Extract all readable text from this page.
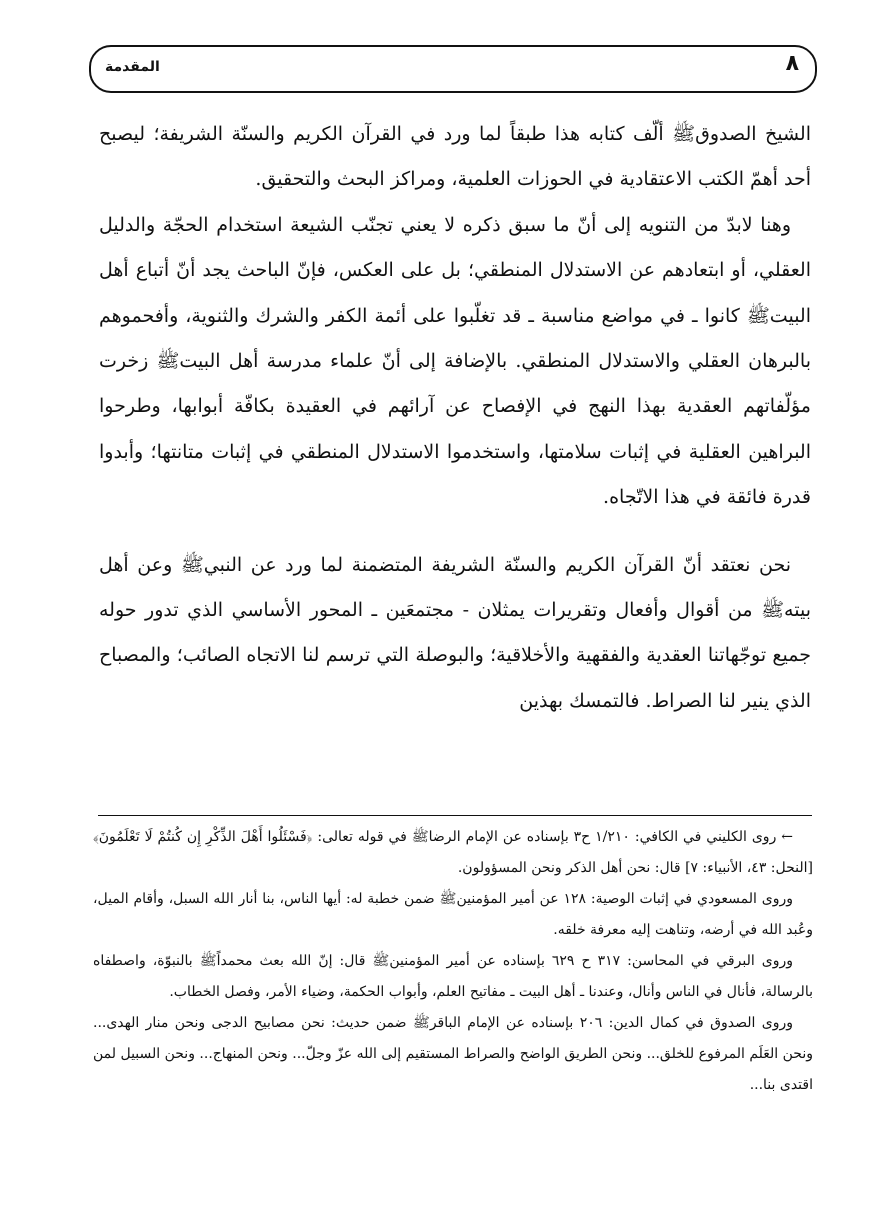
٨
المقدمة

الشيخ الصدوقﷺ ألّف كتابه هذا طبقاً لما ورد في القرآن الكريم والسنّة الشريفة؛ ليصبح أحد أهمّ الكتب الاعتقادية في الحوزات العلمية، ومراكز البحث والتحقيق.

وهنا لابدّ من التنويه إلى أنّ ما سبق ذكره لا يعني تجنّب الشيعة استخدام الحجّة والدليل العقلي، أو ابتعادهم عن الاستدلال المنطقي؛ بل على العكس، فإنّ الباحث يجد أنّ أتباع أهل البيتﷺ كانوا ـ في مواضع مناسبة ـ قد تغلّبوا على أئمة الكفر والشرك والثنوية، وأفحموهم بالبرهان العقلي والاستدلال المنطقي. بالإضافة إلى أنّ علماء مدرسة أهل البيتﷺ زخرت مؤلّفاتهم العقدية بهذا النهج في الإفصاح عن آرائهم في العقيدة بكافّة أبوابها، وطرحوا البراهين العقلية في إثبات سلامتها، واستخدموا الاستدلال المنطقي في إثبات متانتها؛ وأبدوا قدرة فائقة في هذا الاتّجاه.

نحن نعتقد أنّ القرآن الكريم والسنّة الشريفة المتضمنة لما ورد عن النبيﷺ وعن أهل بيتهﷺ من أقوال وأفعال وتقريرات يمثلان - مجتمعَين ـ المحور الأساسي الذي تدور حوله جميع توجّهاتنا العقدية والفقهية والأخلاقية؛ والبوصلة التي ترسم لنا الاتجاه الصائب؛ والمصباح الذي ينير لنا الصراط. فالتمسك بهذين

← روى الكليني في الكافي: ١/٢١٠ ح٣ بإسناده عن الإمام الرضاﷺ في قوله تعالى: ﴿فَسْئَلُوا أَهْلَ الذِّكْرِ إِن كُنتُمْ لَا تَعْلَمُونَ﴾ [النحل: ٤٣، الأنبياء: ٧] قال: نحن أهل الذكر ونحن المسؤولون.

وروى المسعودي في إثبات الوصية: ١٢٨ عن أمير المؤمنينﷺ ضمن خطبة له: أيها الناس، بنا أنار الله السبل، وأقام الميل، وعُبد الله في أرضه، وتناهت إليه معرفة خلقه.

وروى البرقي في المحاسن: ٣١٧ ح ٦٢٩ بإسناده عن أمير المؤمنينﷺ قال: إنّ الله بعث محمداًﷺ بالنبوّة، واصطفاه بالرسالة، فأنال في الناس وأنال، وعندنا ـ أهل البيت ـ مفاتيح العلم، وأبواب الحكمة، وضياء الأمر، وفصل الخطاب.

وروى الصدوق في كمال الدين: ٢٠٦ بإسناده عن الإمام الباقرﷺ ضمن حديث: نحن مصابيح الدجى ونحن منار الهدى... ونحن العَلَم المرفوع للخلق... ونحن الطريق الواضح والصراط المستقيم إلى الله عزّ وجلّ... ونحن المنهاج... ونحن السبيل لمن اقتدى بنا...
